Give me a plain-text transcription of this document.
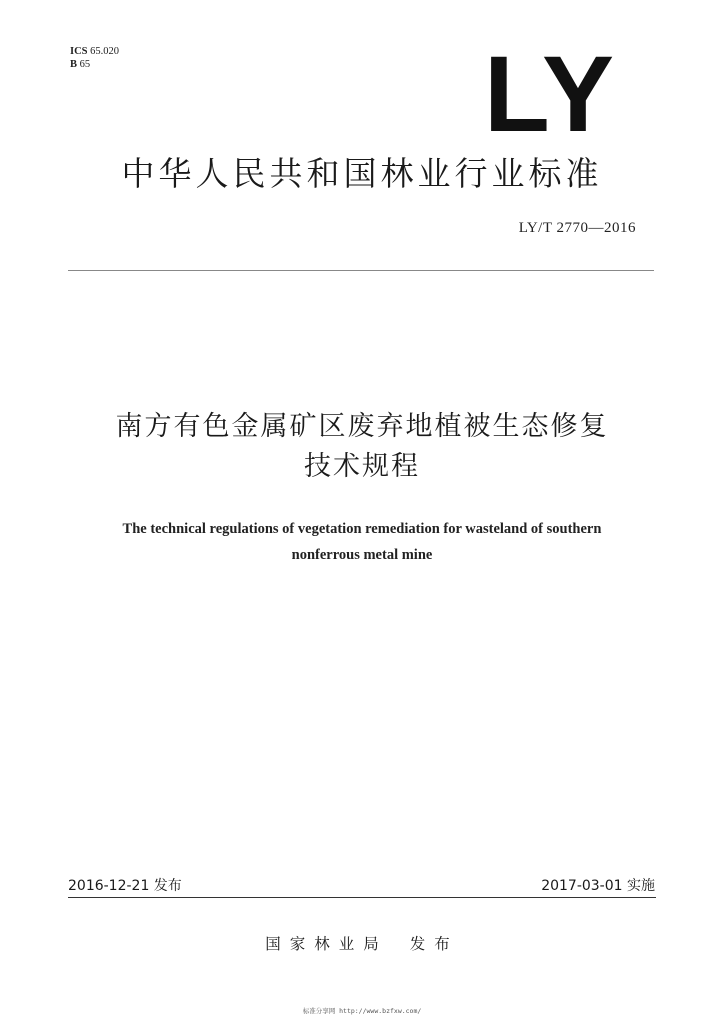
ICS 65.020
B 65	LY
中华人民共和国林业行业标准
LY/T 2770—2016
南方有色金属矿区废弃地植被生态修复
技术规程
The technical regulations of vegetation remediation for wasteland of southern
nonferrous metal mine
2016-12-21 发布	2017-03-01 实施
国家林业局 发布
标准分享网 http://www.bzfxw.com/
